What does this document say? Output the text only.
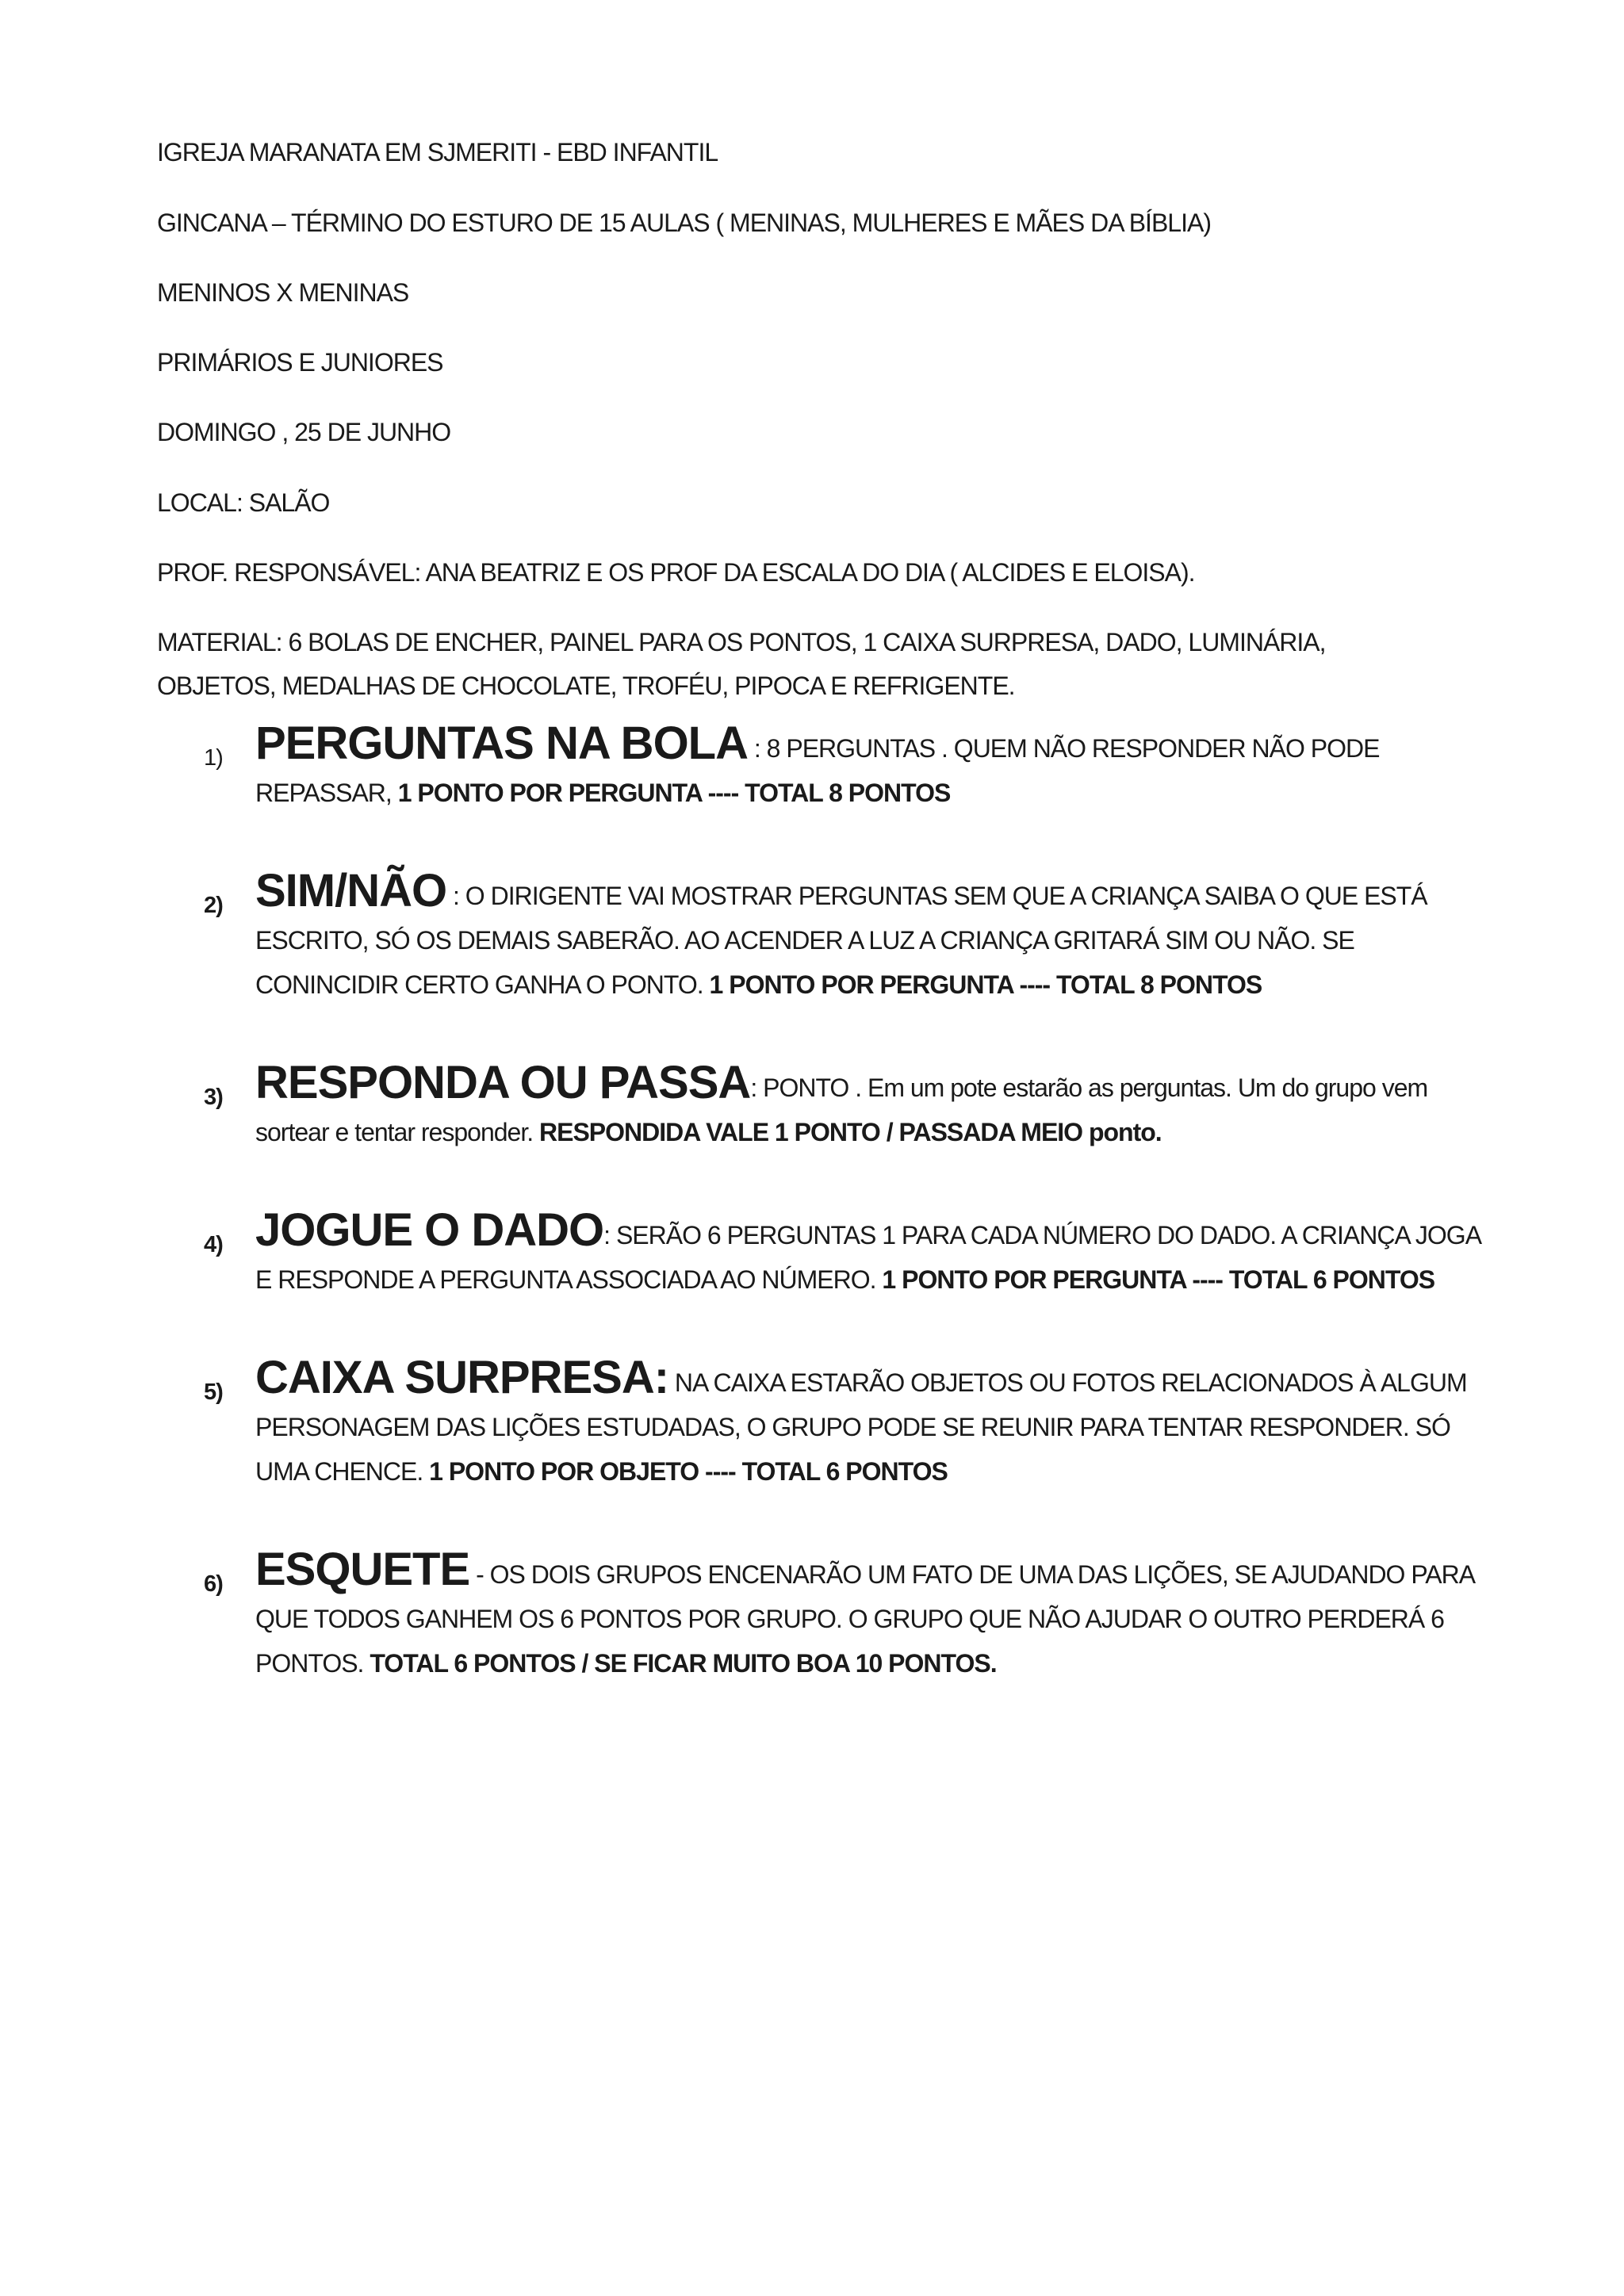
IGREJA MARANATA EM SJMERITI - EBD INFANTIL

GINCANA – TÉRMINO DO ESTURO DE 15 AULAS ( MENINAS, MULHERES E MÃES DA BÍBLIA)

MENINOS X MENINAS

PRIMÁRIOS E JUNIORES

DOMINGO , 25 DE JUNHO

LOCAL: SALÃO

PROF. RESPONSÁVEL: ANA BEATRIZ E OS PROF DA ESCALA DO DIA ( ALCIDES E ELOISA).

MATERIAL: 6 BOLAS DE ENCHER, PAINEL PARA OS PONTOS, 1 CAIXA SURPRESA, DADO, LUMINÁRIA,

OBJETOS, MEDALHAS DE CHOCOLATE, TROFÉU, PIPOCA E REFRIGENTE.

1) PERGUNTAS NA BOLA : 8 PERGUNTAS . QUEM NÃO RESPONDER NÃO PODE REPASSAR, 1 PONTO POR PERGUNTA ---- TOTAL 8 PONTOS
2) SIM/NÃO : O DIRIGENTE VAI MOSTRAR PERGUNTAS SEM QUE A CRIANÇA SAIBA O QUE ESTÁ ESCRITO, SÓ OS DEMAIS SABERÃO. AO ACENDER A LUZ A CRIANÇA GRITARÁ SIM OU NÃO. SE CONINCIDIR CERTO GANHA O PONTO. 1 PONTO POR PERGUNTA ---- TOTAL 8 PONTOS
3) RESPONDA OU PASSA: PONTO . Em um pote estarão as perguntas. Um do grupo vem sortear e tentar responder. RESPONDIDA VALE 1 PONTO / PASSADA MEIO ponto.
4) JOGUE O DADO: SERÃO 6 PERGUNTAS 1 PARA CADA NÚMERO DO DADO. A CRIANÇA JOGA E RESPONDE A PERGUNTA ASSOCIADA AO NÚMERO. 1 PONTO POR PERGUNTA ---- TOTAL 6 PONTOS
5) CAIXA SURPRESA: NA CAIXA ESTARÃO OBJETOS OU FOTOS RELACIONADOS À ALGUM PERSONAGEM DAS LIÇÕES ESTUDADAS, O GRUPO PODE SE REUNIR PARA TENTAR RESPONDER. SÓ UMA CHENCE. 1 PONTO POR OBJETO ---- TOTAL 6 PONTOS
6) ESQUETE - OS DOIS GRUPOS ENCENARÃO UM FATO DE UMA DAS LIÇÕES, SE AJUDANDO PARA QUE TODOS GANHEM OS 6 PONTOS POR GRUPO. O GRUPO QUE NÃO AJUDAR O OUTRO PERDERÁ 6 PONTOS. TOTAL 6 PONTOS / SE FICAR MUITO BOA 10 PONTOS.
